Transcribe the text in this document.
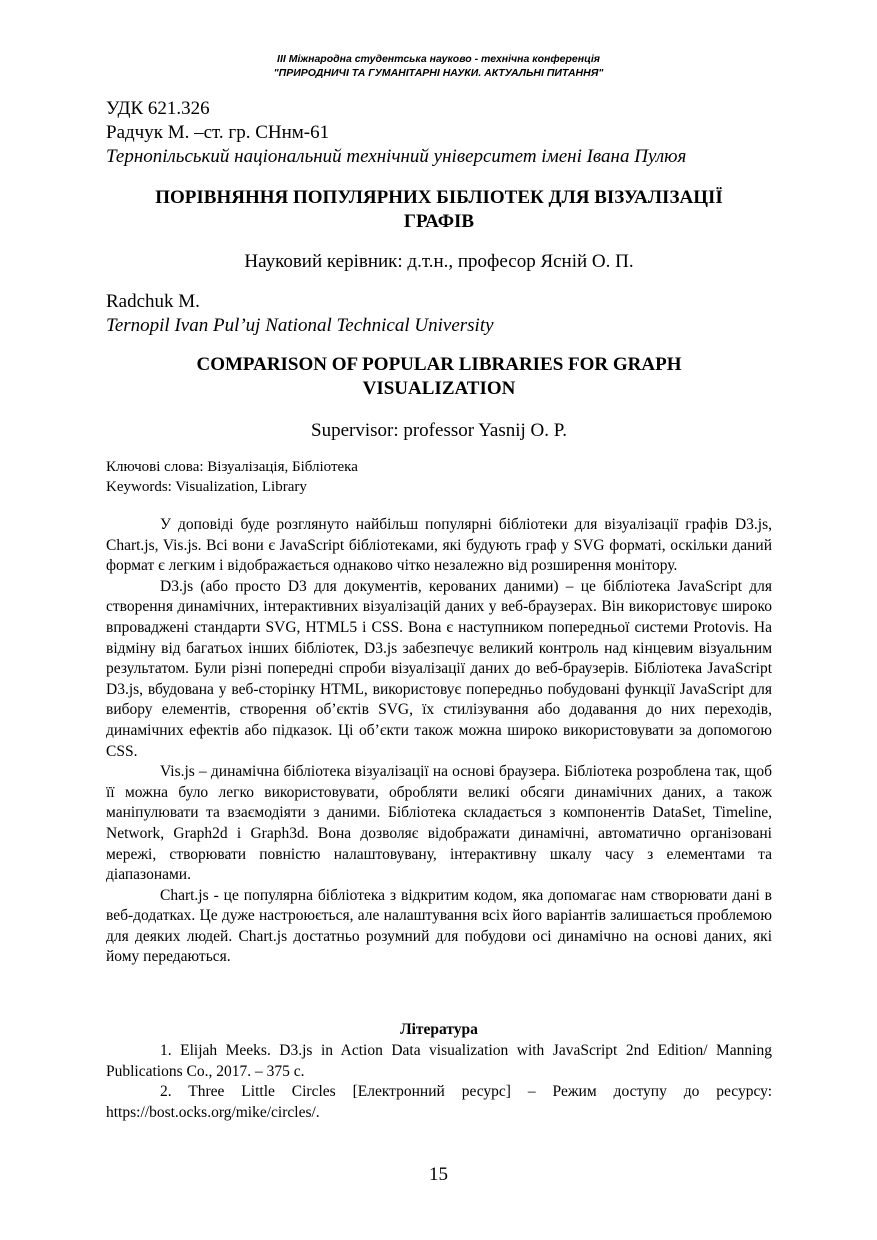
III Міжнародна студентська науково - технічна конференція
"ПРИРОДНИЧІ ТА ГУМАНІТАРНІ НАУКИ. АКТУАЛЬНІ ПИТАННЯ"
УДК 621.326
Радчук М. –ст. гр. СНнм-61
Тернопільський національний технічний університет імені Івана Пулюя
ПОРІВНЯННЯ ПОПУЛЯРНИХ БІБЛІОТЕК ДЛЯ ВІЗУАЛІЗАЦІЇ
ГРАФІВ
Науковий керівник: д.т.н., професор Ясній О. П.
Radchuk M.
Ternopil Ivan Pul’uj National Technical University
COMPARISON OF POPULAR LIBRARIES FOR GRAPH
VISUALIZATION
Supervisor: professor Yasnij O. P.
Ключові слова: Візуалізація, Бібліотека
Keywords: Visualization, Library

У доповіді буде розглянуто найбільш популярні бібліотеки для візуалізації графів D3.js, Chart.js, Vis.js. Всі вони є JavaScript бібліотеками, які будують граф у SVG форматі, оскільки даний формат є легким і відображається однаково чітко незалежно від розширення монітору.

D3.js (або просто D3 для документів, керованих даними) – це бібліотека JavaScript для створення динамічних, інтерактивних візуалізацій даних у веб-браузерах. Він використовує широко впроваджені стандарти SVG, HTML5 і CSS. Вона є наступником попередньої системи Protovis. На відміну від багатьох інших бібліотек, D3.js забезпечує великий контроль над кінцевим візуальним результатом. Були різні попередні спроби візуалізації даних до веб-браузерів. Бібліотека JavaScript D3.js, вбудована у веб-сторінку HTML, використовує попередньо побудовані функції JavaScript для вибору елементів, створення об’єктів SVG, їх стилізування або додавання до них переходів, динамічних ефектів або підказок. Ці об’єкти також можна широко використовувати за допомогою CSS.

Vis.js – динамічна бібліотека візуалізації на основі браузера. Бібліотека розроблена так, щоб її можна було легко використовувати, обробляти великі обсяги динамічних даних, а також маніпулювати та взаємодіяти з даними. Бібліотека складається з компонентів DataSet, Timeline, Network, Graph2d і Graph3d. Вона дозволяє відображати динамічні, автоматично організовані мережі, створювати повністю налаштовувану, інтерактивну шкалу часу з елементами та діапазонами.

Chart.js - це популярна бібліотека з відкритим кодом, яка допомагає нам створювати дані в веб-додатках. Це дуже настроюється, але налаштування всіх його варіантів залишається проблемою для деяких людей. Chart.js достатньо розумний для побудови осі динамічно на основі даних, які йому передаються.

Література

1. Elijah Meeks. D3.js in Action Data visualization with JavaScript 2nd Edition/ Manning Publications Co., 2017. – 375 с.

2. Three Little Circles [Електронний ресурс] – Режим доступу до ресурсу: https://bost.ocks.org/mike/circles/.

15
